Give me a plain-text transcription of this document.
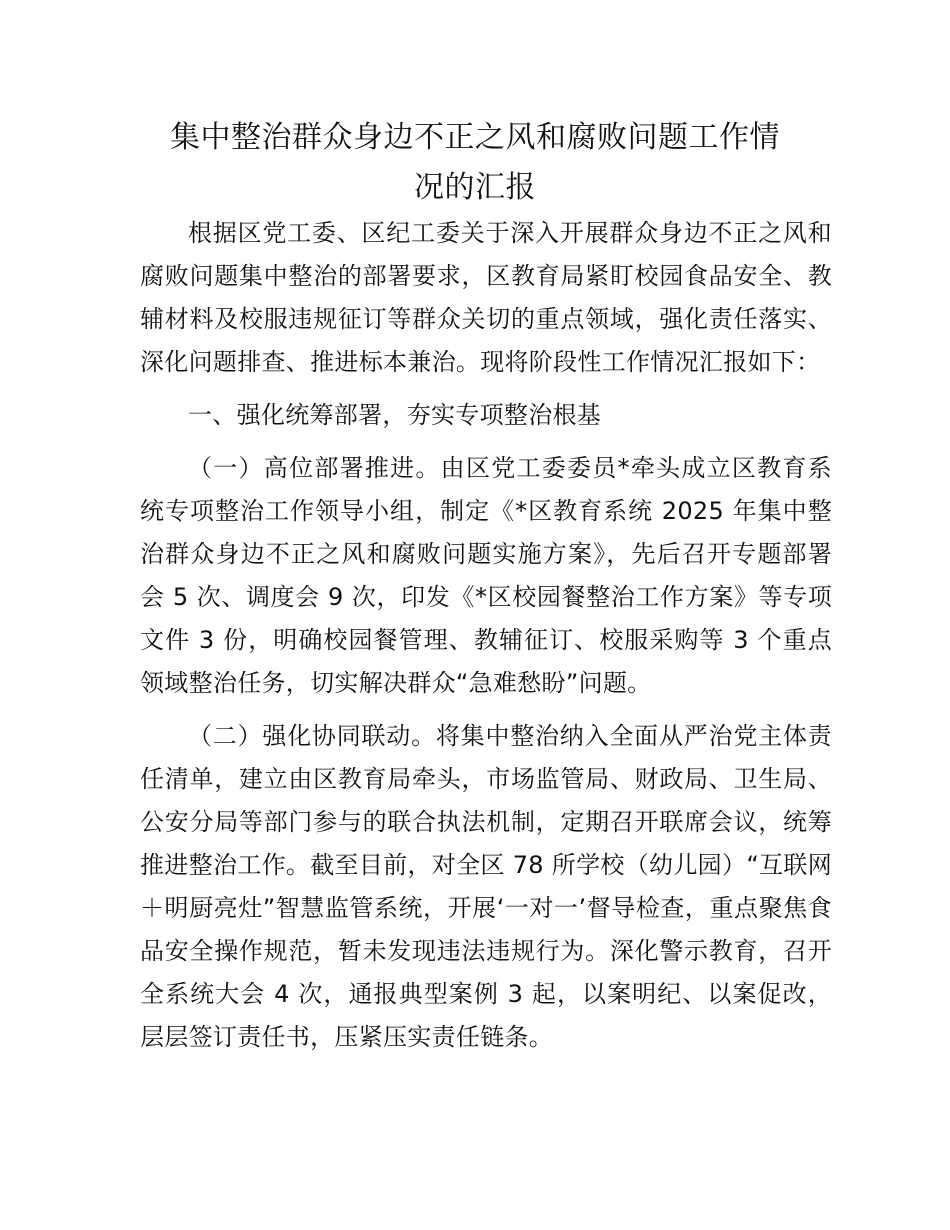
集中整治群众身边不正之风和腐败问题工作情
况的汇报

根据区党工委、区纪工委关于深入开展群众身边不正之风和腐败问题集中整治的部署要求，区教育局紧盯校园食品安全、教辅材料及校服违规征订等群众关切的重点领域，强化责任落实、深化问题排查、推进标本兼治。现将阶段性工作情况汇报如下：

一、强化统筹部署，夯实专项整治根基

（一）高位部署推进。由区党工委委员*牵头成立区教育系统专项整治工作领导小组，制定《*区教育系统 2025 年集中整治群众身边不正之风和腐败问题实施方案》，先后召开专题部署会 5 次、调度会 9 次，印发《*区校园餐整治工作方案》等专项文件 3 份，明确校园餐管理、教辅征订、校服采购等 3 个重点领域整治任务，切实解决群众“急难愁盼”问题。

（二）强化协同联动。将集中整治纳入全面从严治党主体责任清单，建立由区教育局牵头，市场监管局、财政局、卫生局、公安分局等部门参与的联合执法机制，定期召开联席会议，统筹推进整治工作。截至目前，对全区 78 所学校（幼儿园）“互联网＋明厨亮灶”智慧监管系统，开展‘一对一’督导检查，重点聚焦食品安全操作规范，暂未发现违法违规行为。深化警示教育，召开全系统大会 4 次，通报典型案例 3 起，以案明纪、以案促改，层层签订责任书，压紧压实责任链条。
